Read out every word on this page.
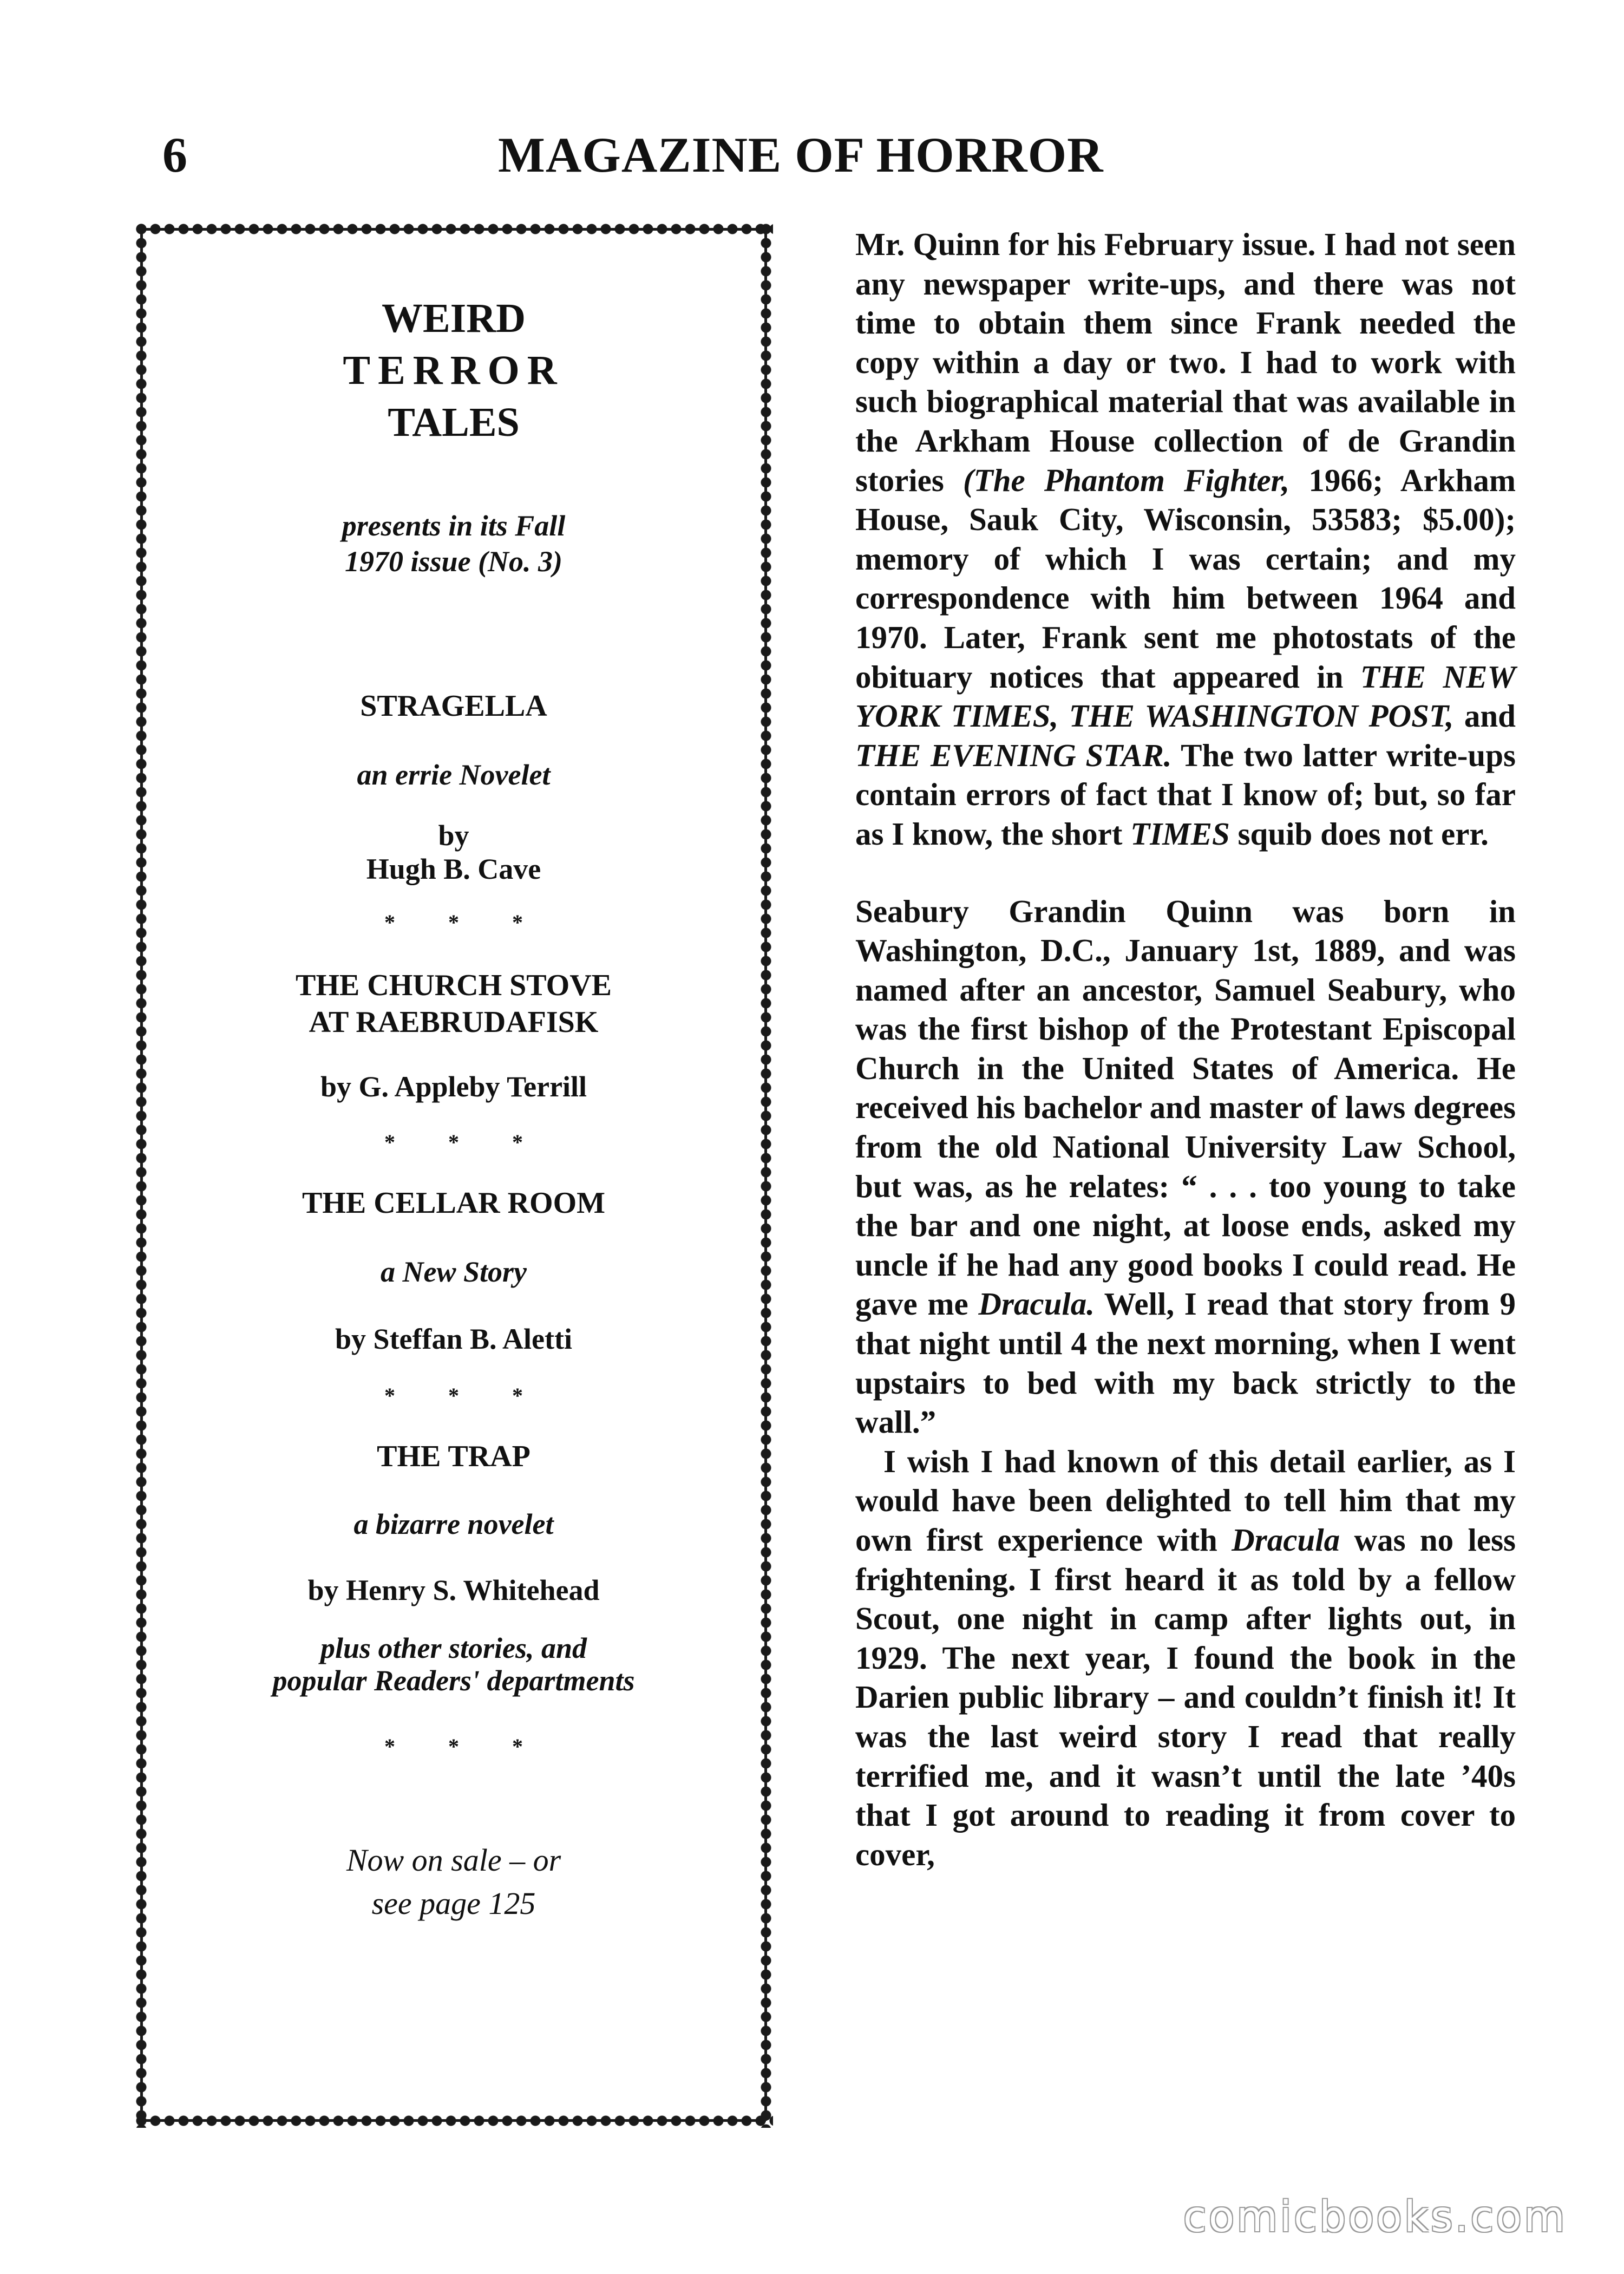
6	MAGAZINE OF HORROR
WEIRD
TERROR
TALES
presents in its Fall
1970 issue (No. 3)
STRAGELLA
an errie Novelet
by
Hugh B. Cave
* * *
THE CHURCH STOVE
AT RAEBRUDAFISK
by G. Appleby Terrill
* * *
THE CELLAR ROOM
a New Story
by Steffan B. Aletti
* * *
THE TRAP
a bizarre novelet
by Henry S. Whitehead
plus other stories, and
popular Readers' departments
* * *
Now on sale – or
see page 125

Mr. Quinn for his February issue. I had not seen any newspaper write-ups, and there was not time to obtain them since Frank needed the copy within a day or two. I had to work with such biographical material that was available in the Arkham House collection of de Grandin stories (The Phantom Fighter, 1966; Arkham House, Sauk City, Wisconsin, 53583; $5.00); memory of which I was certain; and my correspondence with him between 1964 and 1970. Later, Frank sent me photostats of the obituary notices that appeared in THE NEW YORK TIMES, THE WASHINGTON POST, and THE EVENING STAR. The two latter write-ups contain errors of fact that I know of; but, so far as I know, the short TIMES squib does not err.

Seabury Grandin Quinn was born in Washington, D.C., January 1st, 1889, and was named after an ancestor, Samuel Seabury, who was the first bishop of the Protestant Episcopal Church in the United States of America. He received his bachelor and master of laws degrees from the old National University Law School, but was, as he relates: “ . . . too young to take the bar and one night, at loose ends, asked my uncle if he had any good books I could read. He gave me Dracula. Well, I read that story from 9 that night until 4 the next morning, when I went upstairs to bed with my back strictly to the wall.”

I wish I had known of this detail earlier, as I would have been delighted to tell him that my own first experience with Dracula was no less frightening. I first heard it as told by a fellow Scout, one night in camp after lights out, in 1929. The next year, I found the book in the Darien public library – and couldn’t finish it! It was the last weird story I read that really terrified me, and it wasn’t until the late ’40s that I got around to reading it from cover to cover,

comicbooks.com
